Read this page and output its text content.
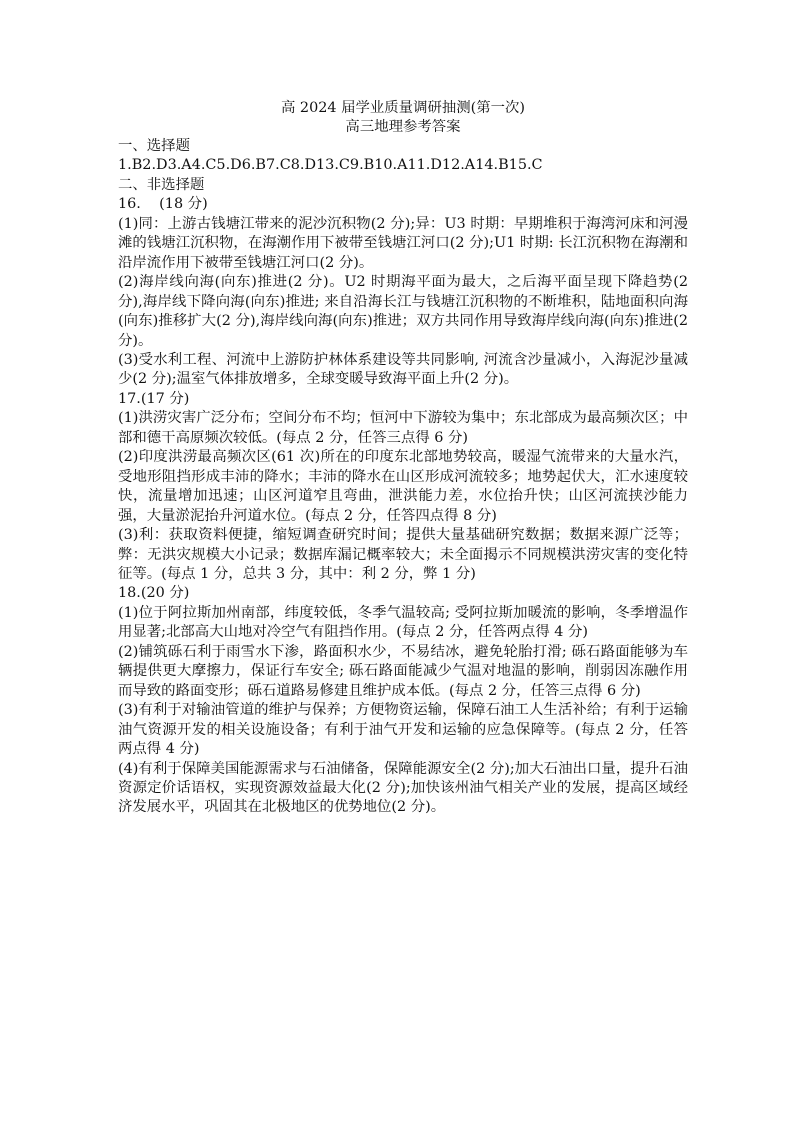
高 2024 届学业质量调研抽测(第一次)

高三地理参考答案

一、选择题

1.B2.D3.A4.C5.D6.B7.C8.D13.C9.B10.A11.D12.A14.B15.C

二、非选择题

16.    (18 分)

(1)同：上游古钱塘江带来的泥沙沉积物(2 分);异：U3 时期：早期堆积于海湾河床和河漫滩的钱塘江沉积物，在海潮作用下被带至钱塘江河口(2 分);U1 时期: 长江沉积物在海潮和沿岸流作用下被带至钱塘江河口(2 分)。

(2)海岸线向海(向东)推进(2 分)。U2 时期海平面为最大，之后海平面呈现下降趋势(2 分),海岸线下降向海(向东)推进; 来自沿海长江与钱塘江沉积物的不断堆积，陆地面积向海(向东)推移扩大(2 分),海岸线向海(向东)推进；双方共同作用导致海岸线向海(向东)推进(2 分)。

(3)受水利工程、河流中上游防护林体系建设等共同影响, 河流含沙量减小，入海泥沙量减少(2 分);温室气体排放增多，全球变暖导致海平面上升(2 分)。

17.(17 分)

(1)洪涝灾害广泛分布；空间分布不均；恒河中下游较为集中；东北部成为最高频次区；中部和德干高原频次较低。(每点 2 分，任答三点得 6 分)

(2)印度洪涝最高频次区(61 次)所在的印度东北部地势较高，暖湿气流带来的大量水汽，受地形阻挡形成丰沛的降水；丰沛的降水在山区形成河流较多；地势起伏大，汇水速度较快，流量增加迅速；山区河道窄且弯曲，泄洪能力差，水位抬升快；山区河流挟沙能力强，大量淤泥抬升河道水位。(每点 2 分，任答四点得 8 分)

(3)利：获取资料便捷，缩短调查研究时间；提供大量基础研究数据；数据来源广泛等；弊：无洪灾规模大小记录；数据库漏记概率较大；未全面揭示不同规模洪涝灾害的变化特征等。(每点 1 分，总共 3 分，其中：利 2 分，弊 1 分)

18.(20 分)

(1)位于阿拉斯加州南部，纬度较低，冬季气温较高; 受阿拉斯加暖流的影响，冬季增温作用显著;北部高大山地对冷空气有阻挡作用。(每点 2 分，任答两点得 4 分)

(2)铺筑砾石利于雨雪水下渗，路面积水少，不易结冰，避免轮胎打滑; 砾石路面能够为车辆提供更大摩擦力，保证行车安全; 砾石路面能减少气温对地温的影响，削弱因冻融作用而导致的路面变形；砾石道路易修建且维护成本低。(每点 2 分，任答三点得 6 分)

(3)有利于对输油管道的维护与保养；方便物资运输，保障石油工人生活补给；有利于运输油气资源开发的相关设施设备；有利于油气开发和运输的应急保障等。(每点 2 分，任答两点得 4 分)

(4)有利于保障美国能源需求与石油储备，保障能源安全(2 分);加大石油出口量，提升石油资源定价话语权，实现资源效益最大化(2 分);加快该州油气相关产业的发展，提高区域经济发展水平，巩固其在北极地区的优势地位(2 分)。
